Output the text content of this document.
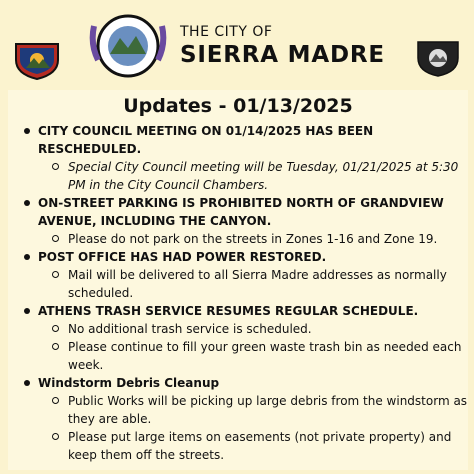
THE CITY OF
SIERRA MADRE
Updates - 01/13/2025
CITY COUNCIL MEETING ON 01/14/2025 HAS BEEN RESCHEDULED.
Special City Council meeting will be Tuesday, 01/21/2025 at 5:30 PM in the City Council Chambers.
ON-STREET PARKING IS PROHIBITED NORTH OF GRANDVIEW AVENUE, INCLUDING THE CANYON.
Please do not park on the streets in Zones 1-16 and Zone 19.
POST OFFICE HAS HAD POWER RESTORED.
Mail will be delivered to all Sierra Madre addresses as normally scheduled.
ATHENS TRASH SERVICE RESUMES REGULAR SCHEDULE.
No additional trash service is scheduled.
Please continue to fill your green waste trash bin as needed each week.
Windstorm Debris Cleanup
Public Works will be picking up large debris from the windstorm as they are able.
Please put large items on easements (not private property) and keep them off the streets.
